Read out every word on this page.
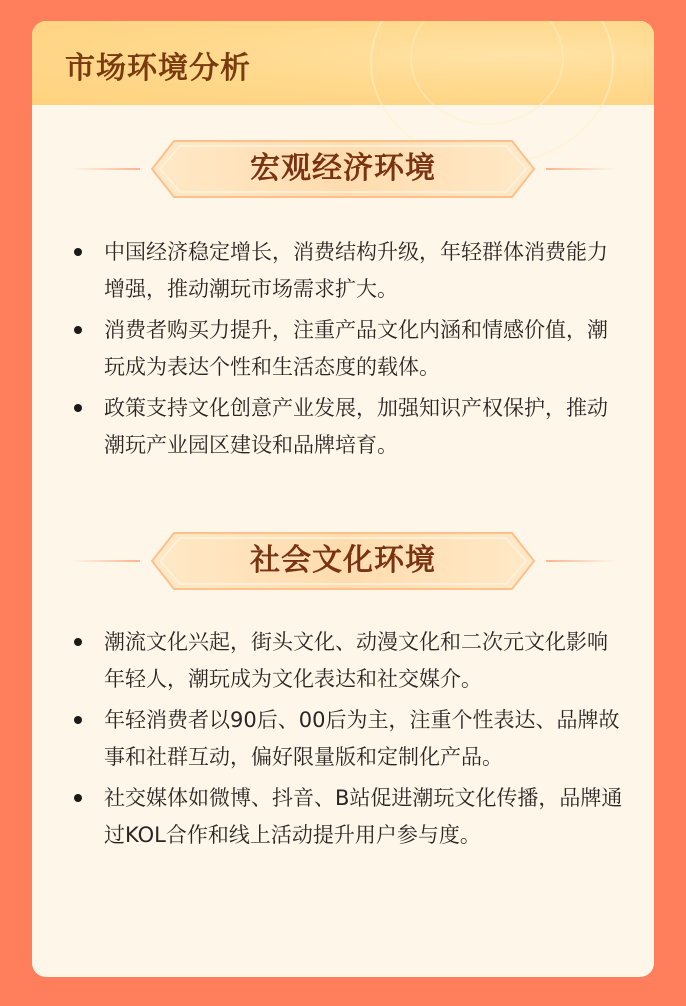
市场环境分析
宏观经济环境
中国经济稳定增长，消费结构升级，年轻群体消费能力增强，推动潮玩市场需求扩大。
消费者购买力提升，注重产品文化内涵和情感价值，潮玩成为表达个性和生活态度的载体。
政策支持文化创意产业发展，加强知识产权保护，推动潮玩产业园区建设和品牌培育。
社会文化环境
潮流文化兴起，街头文化、动漫文化和二次元文化影响年轻人，潮玩成为文化表达和社交媒介。
年轻消费者以90后、00后为主，注重个性表达、品牌故事和社群互动，偏好限量版和定制化产品。
社交媒体如微博、抖音、B站促进潮玩文化传播，品牌通过KOL合作和线上活动提升用户参与度。
